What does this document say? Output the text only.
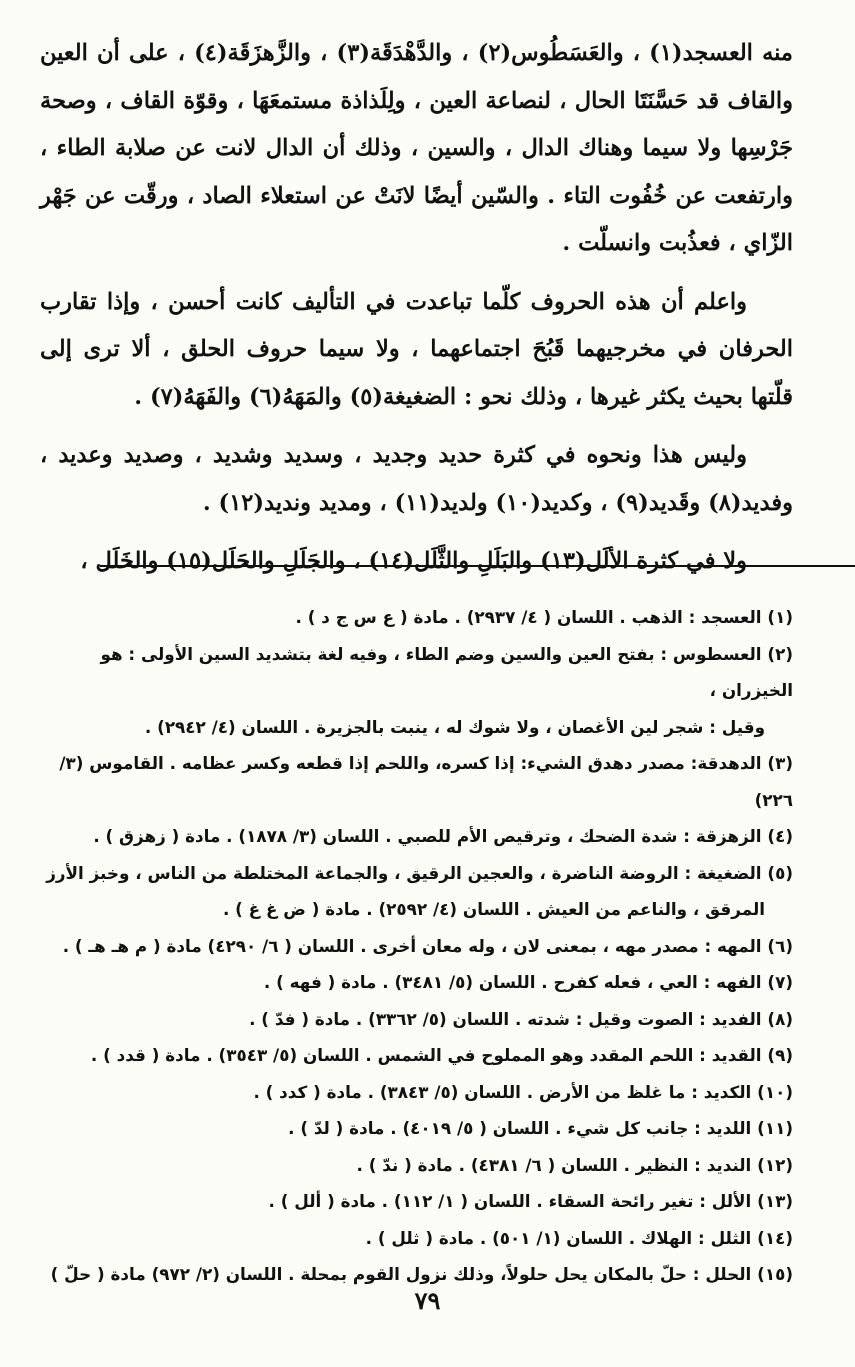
منه العسجد(١) ، والعَسَطُوس(٢) ، والدَّهْدَقَة(٣) ، والزَّهزَقَة(٤) ، على أن العين والقاف قد حَسَّنَتَا الحال ، لنصاعة العين ، ولِلَذاذة مستمعَهَا ، وقوّة القاف ، وصحة جَرْسِها ولا سيما وهناك الدال ، والسين ، وذلك أن الدال لانت عن صلابة الطاء ، وارتفعت عن خُفُوت التاء . والسّين أيضًا لانَتْ عن استعلاء الصاد ، ورقّت عن جَهْر الزّاي ، فعذُبت وانسلّت .

واعلم أن هذه الحروف كلّما تباعدت في التأليف كانت أحسن ، وإذا تقارب الحرفان في مخرجيهما قَبُحَ اجتماعهما ، ولا سيما حروف الحلق ، ألا ترى إلى قلّتها بحيث يكثر غيرها ، وذلك نحو : الضغيغة(٥) والمَهَهُ(٦) والفَهَهُ(٧) .

وليس هذا ونحوه في كثرة حديد وجديد ، وسديد وشديد ، وصديد وعديد ، وفديد(٨) وقَديد(٩) ، وكديد(١٠) ولديد(١١) ، ومديد ونديد(١٢) .

ولا في كثرة الألَل(١٣) والبَلَلِ والثَّلَل(١٤) ، والجَلَلِ والحَلَل(١٥) والخَلَل ،

(١) العسجد : الذهب . اللسان ( ٤/ ٢٩٣٧) . مادة ( ع س ج د ) .
(٢) العسطوس : بفتح العين والسين وضم الطاء ، وفيه لغة بتشديد السين الأولى : هو الخيزران ،
وقيل : شجر لين الأغصان ، ولا شوك له ، ينبت بالجزيرة . اللسان (٤/ ٢٩٤٢) .
(٣) الدهدقة: مصدر دهدق الشيء: إذا كسره، واللحم إذا قطعه وكسر عظامه . القاموس (٣/ ٢٢٦)
(٤) الزهزقة : شدة الضحك ، وترقيص الأم للصبي . اللسان (٣/ ١٨٧٨) . مادة ( زهزق ) .
(٥) الضغيغة : الروضة الناضرة ، والعجين الرقيق ، والجماعة المختلطة من الناس ، وخبز الأرز
المرقق ، والناعم من العيش . اللسان (٤/ ٢٥٩٢) . مادة ( ض غ غ ) .
(٦) المهه : مصدر مهه ، بمعنى لان ، وله معان أخرى . اللسان ( ٦/ ٤٢٩٠) مادة ( م هـ هـ ) .
(٧) الفهه : العي ، فعله كفرح . اللسان (٥/ ٣٤٨١) . مادة ( فهه ) .
(٨) الفديد : الصوت وقيل : شدته . اللسان (٥/ ٣٣٦٢) . مادة ( فدّ ) .
(٩) القديد : اللحم المقدد وهو المملوح في الشمس . اللسان (٥/ ٣٥٤٣) . مادة ( قدد ) .
(١٠) الكديد : ما غلظ من الأرض . اللسان (٥/ ٣٨٤٣) . مادة ( كدد ) .
(١١) اللديد : جانب كل شيء . اللسان ( ٥/ ٤٠١٩) . مادة ( لدّ ) .
(١٢) النديد : النظير . اللسان ( ٦/ ٤٣٨١) . مادة ( ندّ ) .
(١٣) الألل : تغير رائحة السقاء . اللسان ( ١/ ١١٢) . مادة ( ألل ) .
(١٤) الثلل : الهلاك . اللسان (١/ ٥٠١) . مادة ( ثلل ) .
(١٥) الحلل : حلّ بالمكان يحل حلولاً، وذلك نزول القوم بمحلة . اللسان (٢/ ٩٧٢) مادة ( حلّ )
٧٩
